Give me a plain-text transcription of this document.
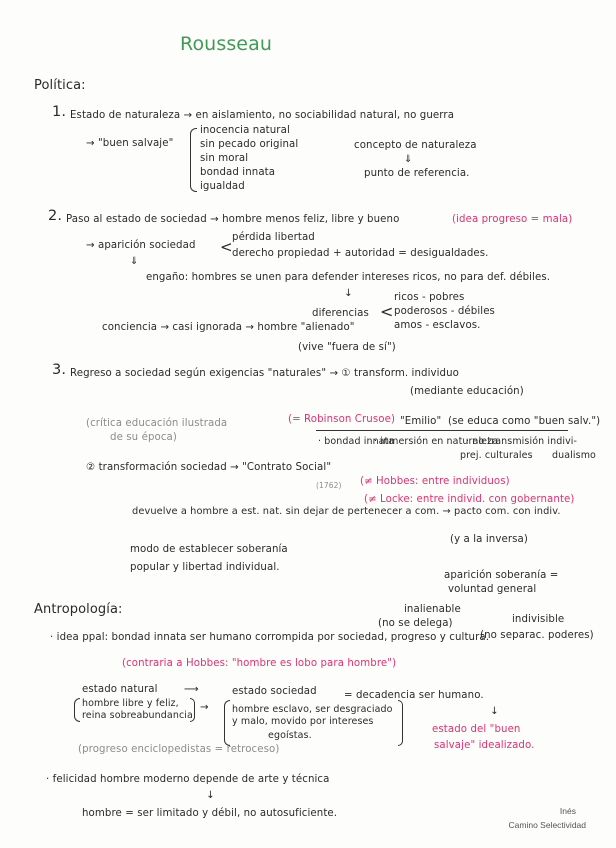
Rousseau
Política:
1. Estado de naturaleza → en aislamiento, no sociabilidad natural, no guerra
→ "buen salvaje"
inocencia natural
sin pecado original
sin moral
bondad innata
igualdad
concepto de naturaleza
⇓
punto de referencia.
2. Paso al estado de sociedad → hombre menos feliz, libre y bueno	(idea progreso = mala)
→ aparición sociedad <
pérdida libertad
derecho propiedad + autoridad = desigualdades.
⇓
engaño: hombres se unen para defender intereses ricos, no para def. débiles.
↓
diferencias <
ricos - pobres
poderosos - débiles
amos - esclavos.
conciencia → casi ignorada → hombre "alienado"
(vive "fuera de sí")
3. Regreso a sociedad según exigencias "naturales" → ① transform. individuo
(mediante educación)
(crítica educación ilustrada
de su época)
(= Robinson Crusoe) "Emilio" (se educa como "buen salv.")
· bondad innata
· inmersión en naturaleza
· no transmisión indivi-
prej. culturales dualismo
② transformación sociedad → "Contrato Social"
(1762) (≠ Hobbes: entre individuos)
(≠ Locke: entre individ. con gobernante)
devuelve a hombre a est. nat. sin dejar de pertenecer a com. → pacto com. con indiv.
(y a la inversa)
modo de establecer soberanía
popular y libertad individual.
aparición soberanía =
voluntad general
inalienable
(no se delega)	indivisible
(no separac. poderes)
Antropología:
· idea ppal: bondad innata ser humano corrompida por sociedad, progreso y cultura.
(contraria a Hobbes: "hombre es lobo para hombre")
estado natural	⟶	estado sociedad	= decadencia ser humano.
hombre libre y feliz,
reina sobreabundancia
→ hombre esclavo, ser desgraciado
y malo, movido por intereses
egoístas.
↓
estado del "buen
salvaje" idealizado.
(progreso enciclopedistas = retroceso)
· felicidad hombre moderno depende de arte y técnica
↓
hombre = ser limitado y débil, no autosuficiente.	Inés
Camino Selectividad
